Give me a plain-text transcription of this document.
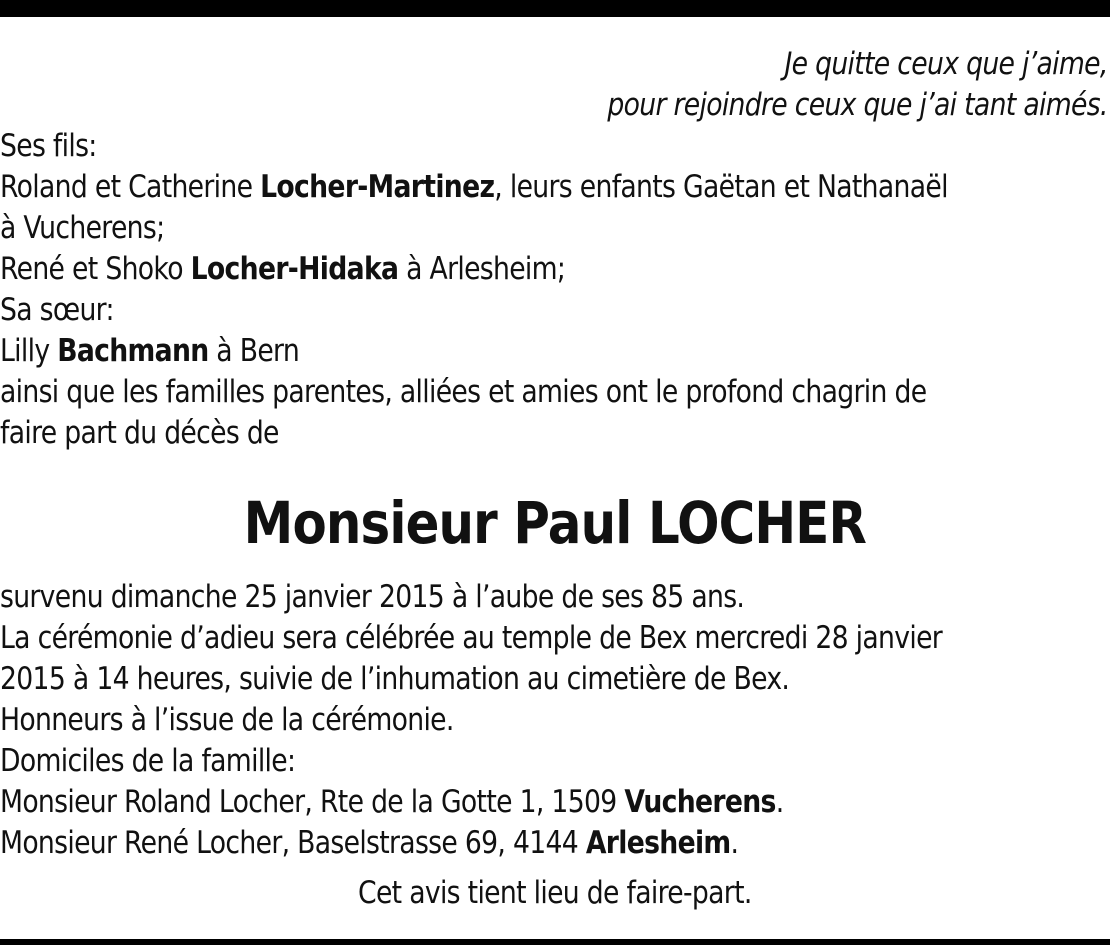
Je quitte ceux que j’aime,

pour rejoindre ceux que j’ai tant aimés.

Ses fils:

Roland et Catherine Locher-Martinez, leurs enfants Gaëtan et Nathanaël

à Vucherens;

René et Shoko Locher-Hidaka à Arlesheim;

Sa sœur:

Lilly Bachmann à Bern

ainsi que les familles parentes, alliées et amies ont le profond chagrin de

faire part du décès de

Monsieur Paul LOCHER

survenu dimanche 25 janvier 2015 à l’aube de ses 85 ans.

La cérémonie d’adieu sera célébrée au temple de Bex mercredi 28 janvier

2015 à 14 heures, suivie de l’inhumation au cimetière de Bex.

Honneurs à l’issue de la cérémonie.

Domiciles de la famille:

Monsieur Roland Locher, Rte de la Gotte 1, 1509 Vucherens.

Monsieur René Locher, Baselstrasse 69, 4144 Arlesheim.

Cet avis tient lieu de faire-part.
